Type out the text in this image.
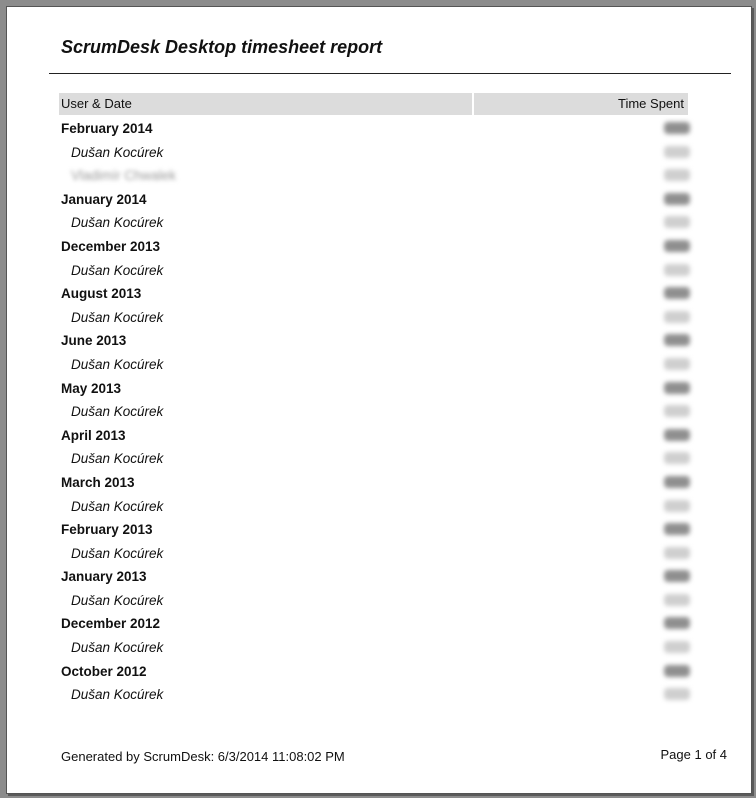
ScrumDesk Desktop timesheet report
User & Date	Time Spent
February 2014
Dušan Kocúrek
Vladimír Chwalek
January 2014
Dušan Kocúrek
December 2013
Dušan Kocúrek
August 2013
Dušan Kocúrek
June 2013
Dušan Kocúrek
May 2013
Dušan Kocúrek
April 2013
Dušan Kocúrek
March 2013
Dušan Kocúrek
February 2013
Dušan Kocúrek
January 2013
Dušan Kocúrek
December 2012
Dušan Kocúrek
October 2012
Dušan Kocúrek
Generated by ScrumDesk: 6/3/2014 11:08:02 PM	Page 1 of 4
